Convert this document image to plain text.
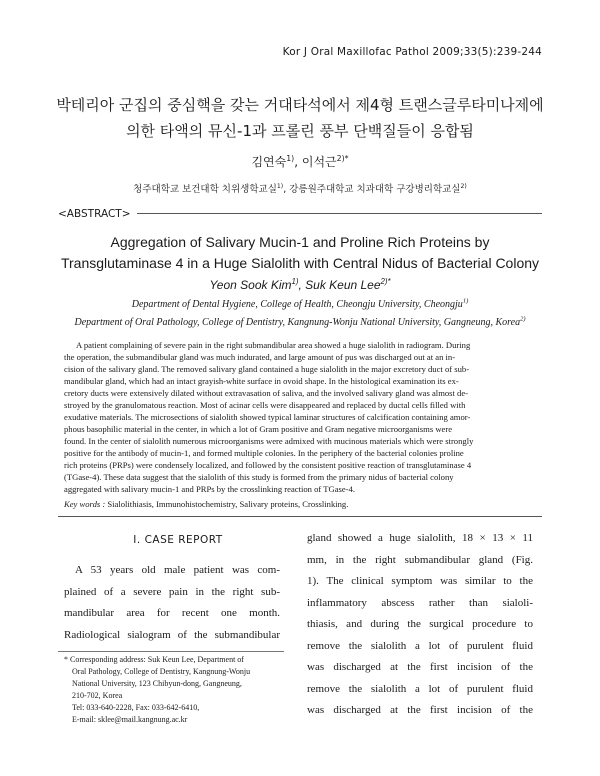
Kor J Oral Maxillofac Pathol 2009;33(5):239-244
박테리아 군집의 중심핵을 갖는 거대타석에서 제4형 트랜스글루타미나제에
의한 타액의 뮤신-1과 프롤린 풍부 단백질들이 응합됨
김연숙$^{1)}$, 이석근$^{2)*}$
청주대학교 보건대학 치위생학교실$^{1)}$, 강릉원주대학교 치과대학 구강병리학교실$^{2)}$
<ABSTRACT>
Aggregation of Salivary Mucin-1 and Proline Rich Proteins by
Transglutaminase 4 in a Huge Sialolith with Central Nidus of Bacterial Colony
Yeon Sook Kim$^{1)}$, Suk Keun Lee$^{2)*}$
Department of Dental Hygiene, College of Health, Cheongju University, Cheongju$^{1)}$
Department of Oral Pathology, College of Dentistry, Kangnung-Wonju National University, Gangneung, Korea$^{2)}$
A patient complaining of severe pain in the right submandibular area showed a huge sialolith in radiogram. During
the operation, the submandibular gland was much indurated, and large amount of pus was discharged out at an in-
cision of the salivary gland. The removed salivary gland contained a huge sialolith in the major excretory duct of sub-
mandibular gland, which had an intact grayish-white surface in ovoid shape. In the histological examination its ex-
cretory ducts were extensively dilated without extravasation of saliva, and the involved salivary gland was almost de-
stroyed by the granulomatous reaction. Most of acinar cells were disappeared and replaced by ductal cells filled with
exudative materials. The microsections of sialolith showed typical laminar structures of calcification containing amor-
phous basophilic material in the center, in which a lot of Gram positive and Gram negative microorganisms were
found. In the center of sialolith numerous microorganisms were admixed with mucinous materials which were strongly
positive for the antibody of mucin-1, and formed multiple colonies. In the periphery of the bacterial colonies proline
rich proteins (PRPs) were condensely localized, and followed by the consistent positive reaction of transglutaminase 4
(TGase-4). These data suggest that the sialolith of this study is formed from the primary nidus of bacterial colony
aggregated with salivary mucin-1 and PRPs by the crosslinking reaction of TGase-4.
Key words : Sialolithiasis, Immunohistochemistry, Salivary proteins, Crosslinking.
I. CASE REPORT
A 53 years old male patient was com-
plained of a severe pain in the right sub-
mandibular area for recent one month.
Radiological sialogram of the submandibular
* Corresponding address: Suk Keun Lee, Department of
Oral Pathology, College of Dentistry, Kangnung-Wonju
National University, 123 Chibyun-dong, Gangneung,
210-702, Korea
Tel: 033-640-2228, Fax: 033-642-6410,
E-mail: sklee@mail.kangnung.ac.kr
gland showed a huge sialolith, 18 × 13 × 11
mm, in the right submandibular gland (Fig.
1). The clinical symptom was similar to the
inflammatory abscess rather than sialoli-
thiasis, and during the surgical procedure to
remove the sialolith a lot of purulent fluid
was discharged at the first incision of the
remove the sialolith a lot of purulent fluid
was discharged at the first incision of the
